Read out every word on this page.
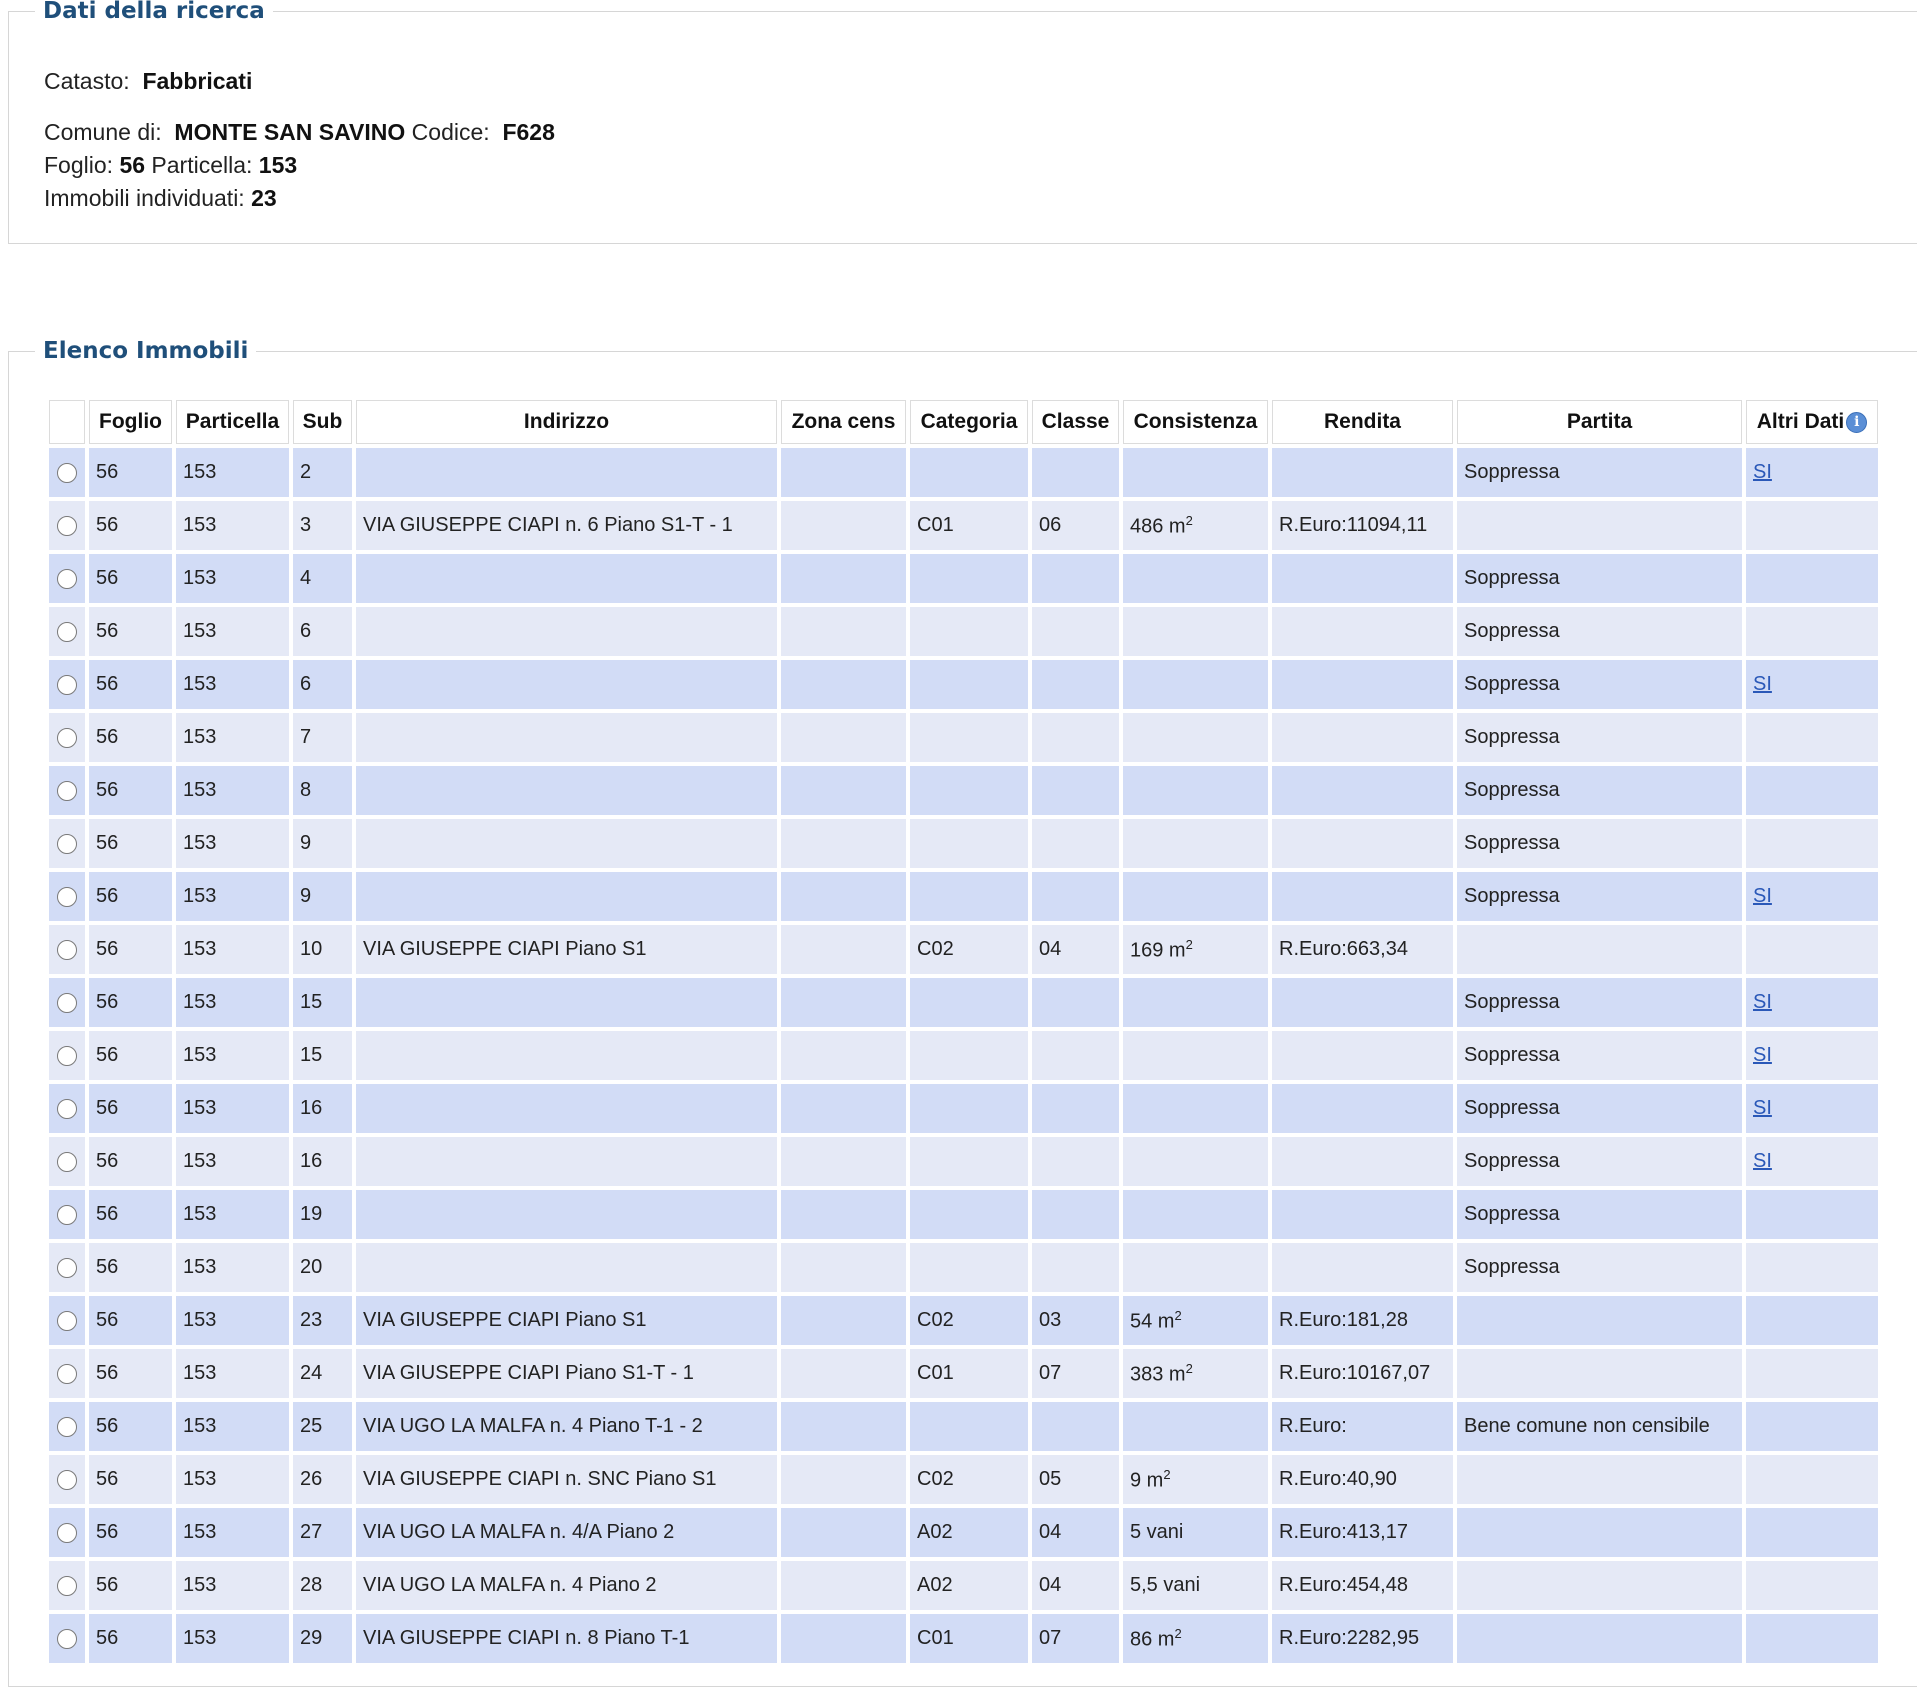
Dati della ricerca
Catasto: Fabbricati
Comune di: MONTE SAN SAVINO Codice: F628
Foglio: 56 Particella: 153
Immobili individuati: 23
Elenco Immobili
	Foglio	Particella	Sub	Indirizzo	Zona cens	Categoria	Classe	Consistenza	Rendita	Partita	Altri Dati i
	56	153	2							Soppressa	SI
	56	153	3	VIA GIUSEPPE CIAPI n. 6 Piano S1-T - 1		C01	06	486 $m^2$	R.Euro:11094,11		
	56	153	4							Soppressa	
	56	153	6							Soppressa	
	56	153	6							Soppressa	SI
	56	153	7							Soppressa	
	56	153	8							Soppressa	
	56	153	9							Soppressa	
	56	153	9							Soppressa	SI
	56	153	10	VIA GIUSEPPE CIAPI Piano S1		C02	04	169 $m^2$	R.Euro:663,34		
	56	153	15							Soppressa	SI
	56	153	15							Soppressa	SI
	56	153	16							Soppressa	SI
	56	153	16							Soppressa	SI
	56	153	19							Soppressa	
	56	153	20							Soppressa	
	56	153	23	VIA GIUSEPPE CIAPI Piano S1		C02	03	54 $m^2$	R.Euro:181,28		
	56	153	24	VIA GIUSEPPE CIAPI Piano S1-T - 1		C01	07	383 $m^2$	R.Euro:10167,07		
	56	153	25	VIA UGO LA MALFA n. 4 Piano T-1 - 2					R.Euro:	Bene comune non censibile	
	56	153	26	VIA GIUSEPPE CIAPI n. SNC Piano S1		C02	05	9 $m^2$	R.Euro:40,90		
	56	153	27	VIA UGO LA MALFA n. 4/A Piano 2		A02	04	5 vani	R.Euro:413,17		
	56	153	28	VIA UGO LA MALFA n. 4 Piano 2		A02	04	5,5 vani	R.Euro:454,48		
	56	153	29	VIA GIUSEPPE CIAPI n. 8 Piano T-1		C01	07	86 $m^2$	R.Euro:2282,95		
